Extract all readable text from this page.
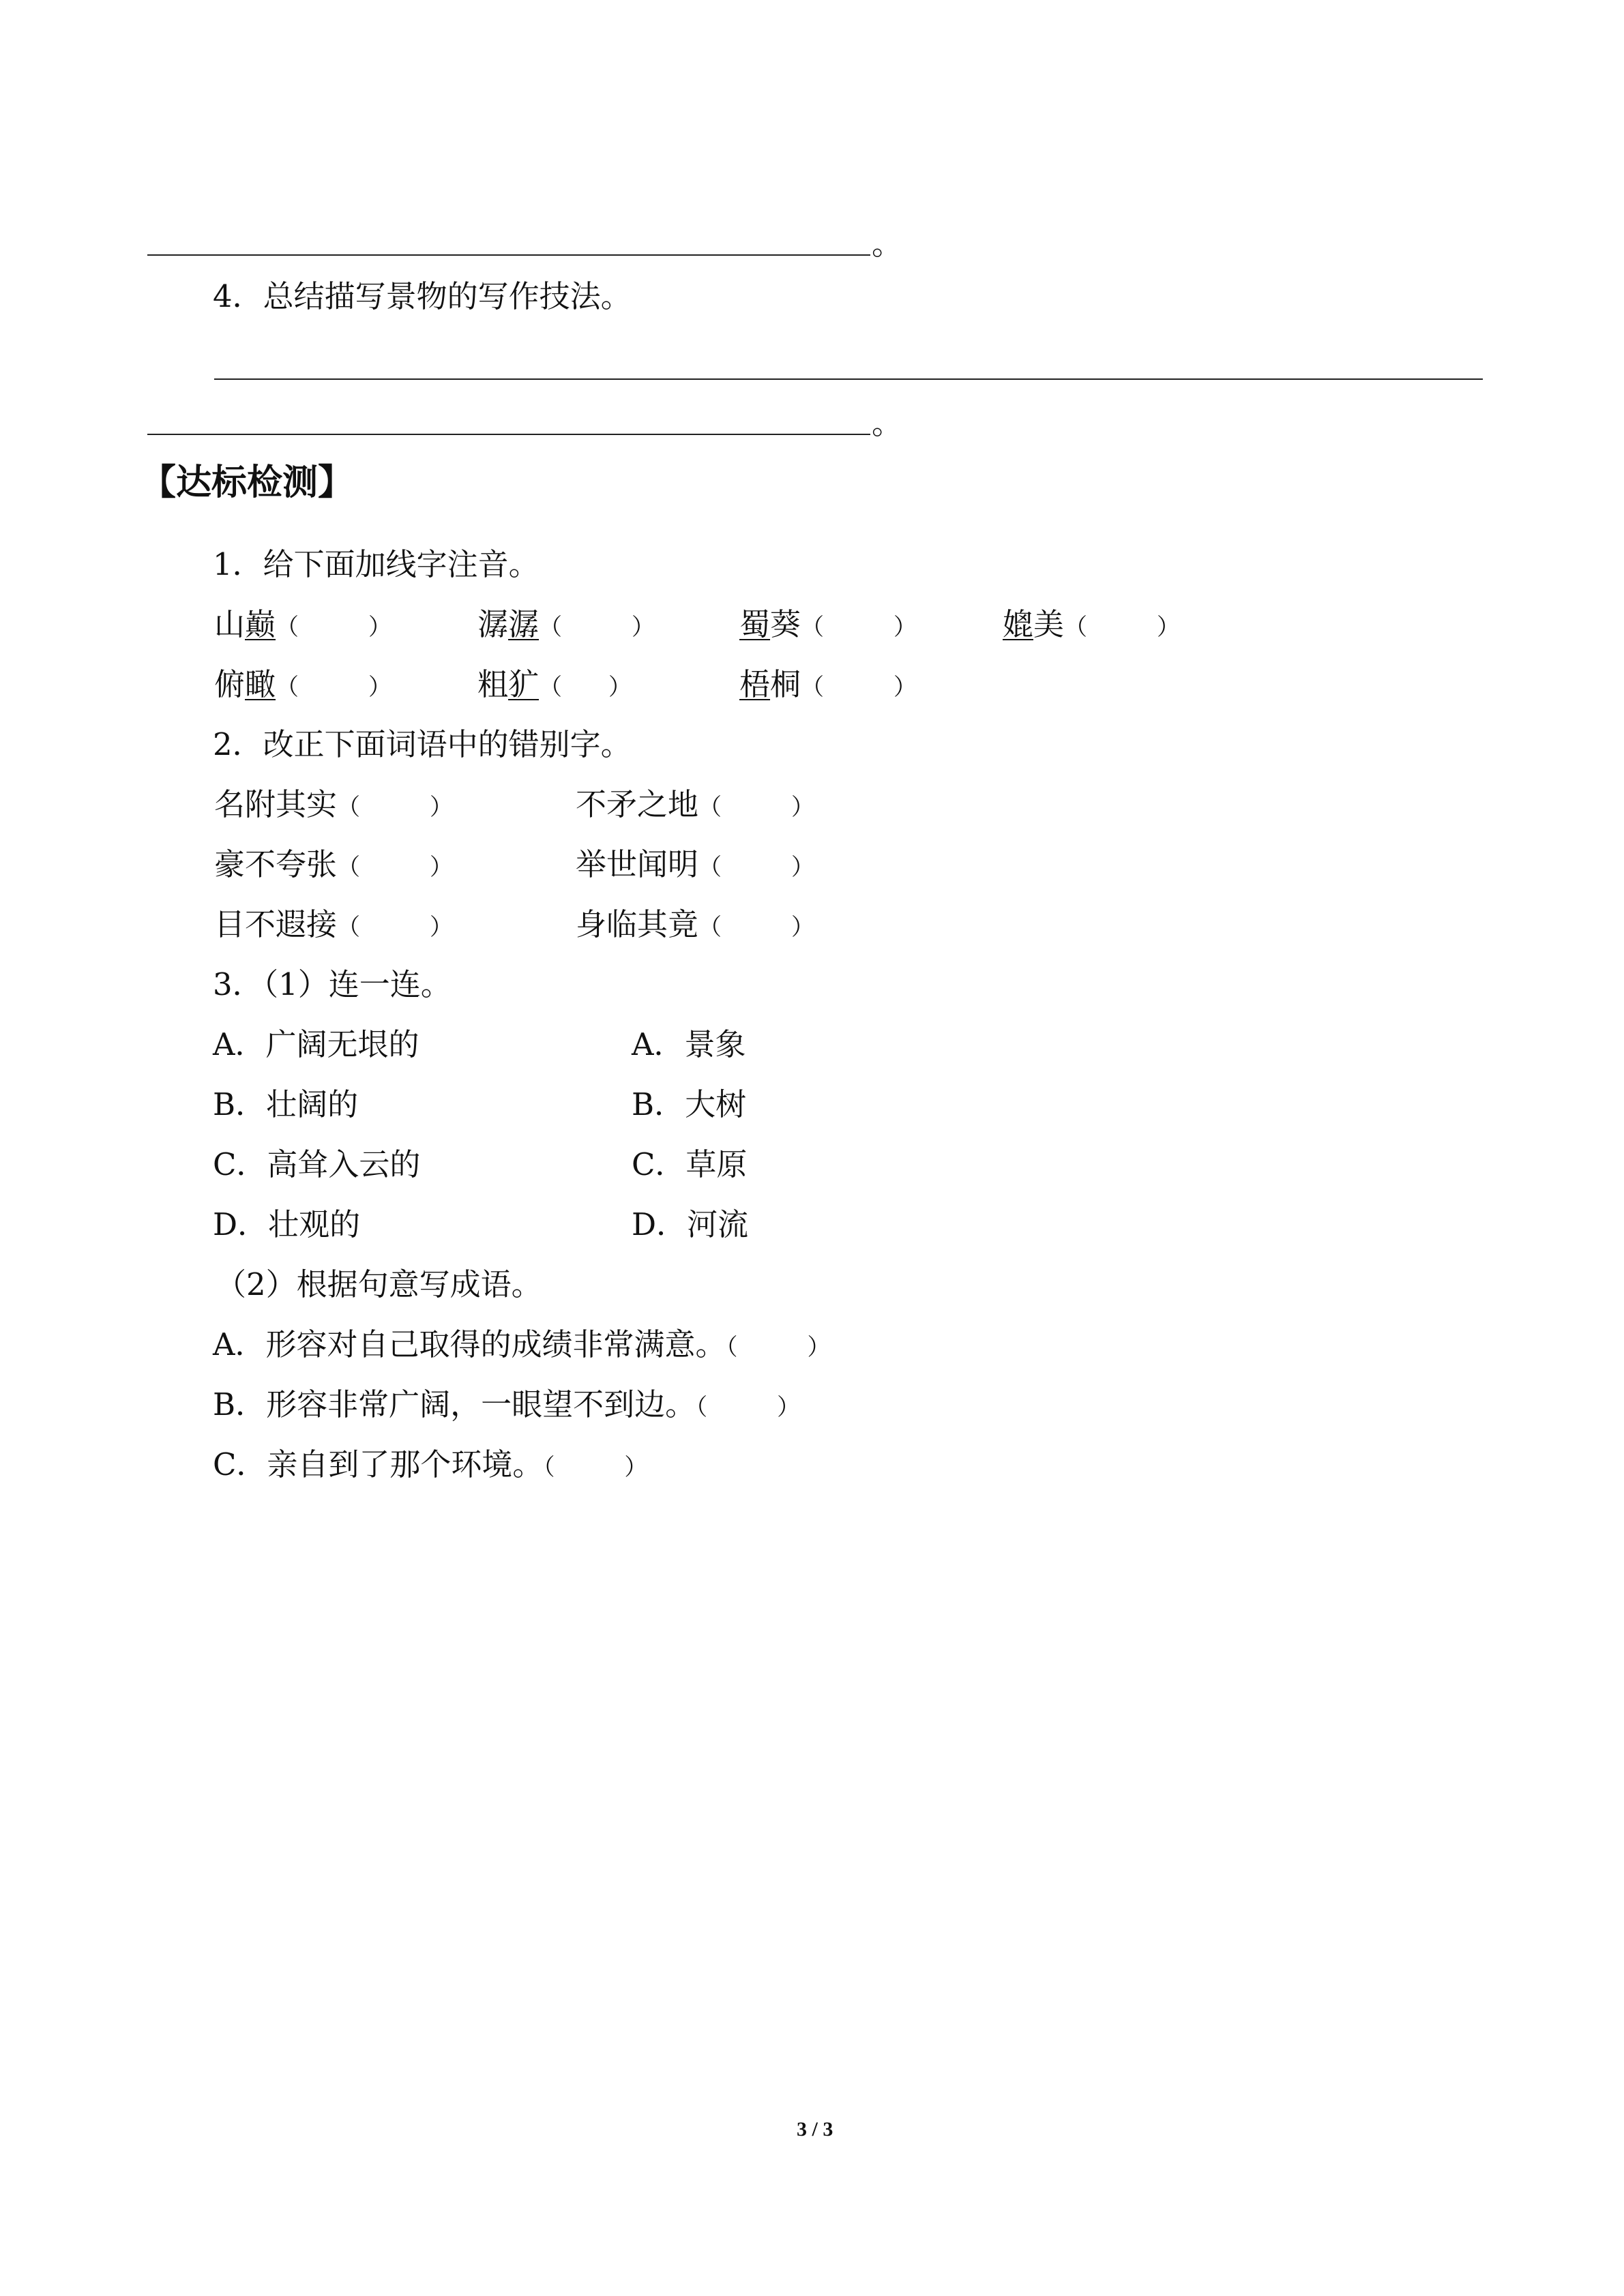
。
4．总结描写景物的写作技法。
。
【达标检测】
1．给下面加线字注音。
山巅（　　　）	潺潺（　　　）	蜀葵（　　　）	媲美（　　　）
俯瞰（　　　）	粗犷（　　）	梧桐（　　　）
2．改正下面词语中的错别字。
名附其实（　　　）	不矛之地（　　　）
豪不夸张（　　　）	举世闻明（　　　）
目不遐接（　　　）	身临其竟（　　　）
3．（1）连一连。
A．广阔无垠的	A．景象
B．壮阔的	B．大树
C．高耸入云的	C．草原
D．壮观的	D．河流
（2）根据句意写成语。
A．形容对自己取得的成绩非常满意。（　　　）
B．形容非常广阔，一眼望不到边。（　　　）
C．亲自到了那个环境。（　　　）
3 / 3
